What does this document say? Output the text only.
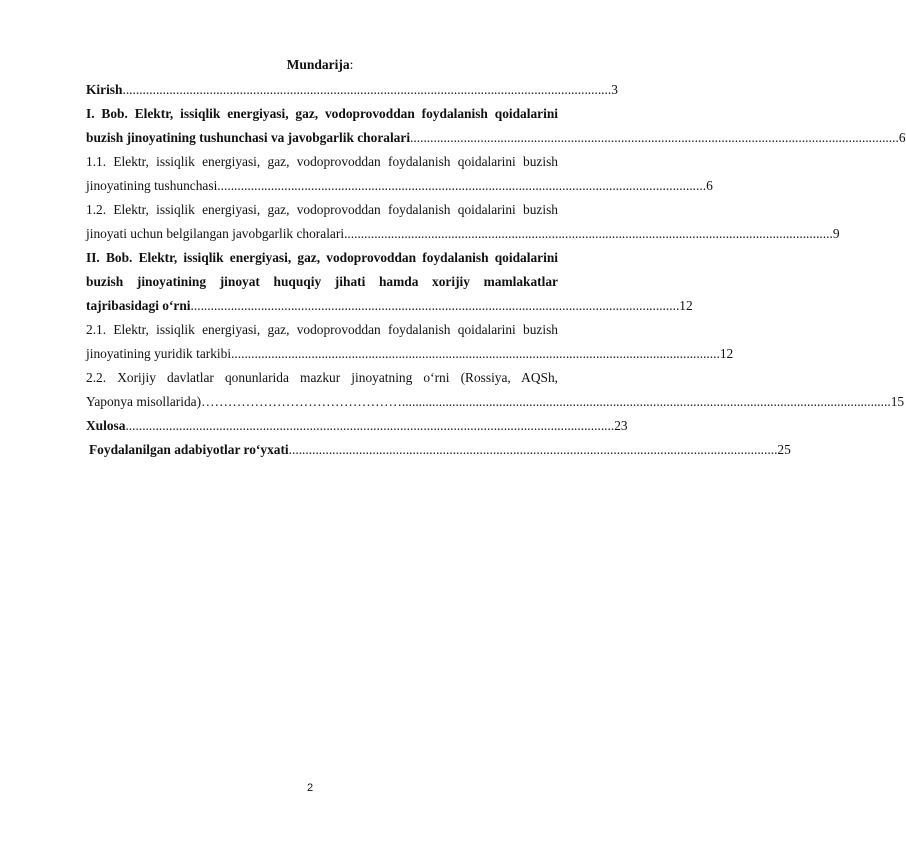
Mundarija:
Kirish .................................................................................................................................................. 3
I. Bob. Elektr, issiqlik energiyasi, gaz, vodoprovoddan foydalanish qoidalarini
buzish jinoyatining tushunchasi va javobgarlik choralari .................................................................................................................................................. 6
1.1. Elektr, issiqlik energiyasi, gaz, vodoprovoddan foydalanish qoidalarini buzish
jinoyatining tushunchasi .................................................................................................................................................. 6
1.2. Elektr, issiqlik energiyasi, gaz, vodoprovoddan foydalanish qoidalarini buzish
jinoyati uchun belgilangan javobgarlik choralari .................................................................................................................................................. 9
II. Bob. Elektr, issiqlik energiyasi, gaz, vodoprovoddan foydalanish qoidalarini
buzish jinoyatining jinoyat huquqiy jihati hamda xorijiy mamlakatlar
tajribasidagi o‘rni .................................................................................................................................................. 12
2.1. Elektr, issiqlik energiyasi, gaz, vodoprovoddan foydalanish qoidalarini buzish
jinoyatining yuridik tarkibi .................................................................................................................................................. 12
2.2. Xorijiy davlatlar qonunlarida mazkur jinoyatning o‘rni (Rossiya, AQSh,
Yaponya misollarida) ……………………………………… .................................................................................................................................................. 15
Xulosa .................................................................................................................................................. 23
Foydalanilgan adabiyotlar ro‘yxati .................................................................................................................................................. 25
2
